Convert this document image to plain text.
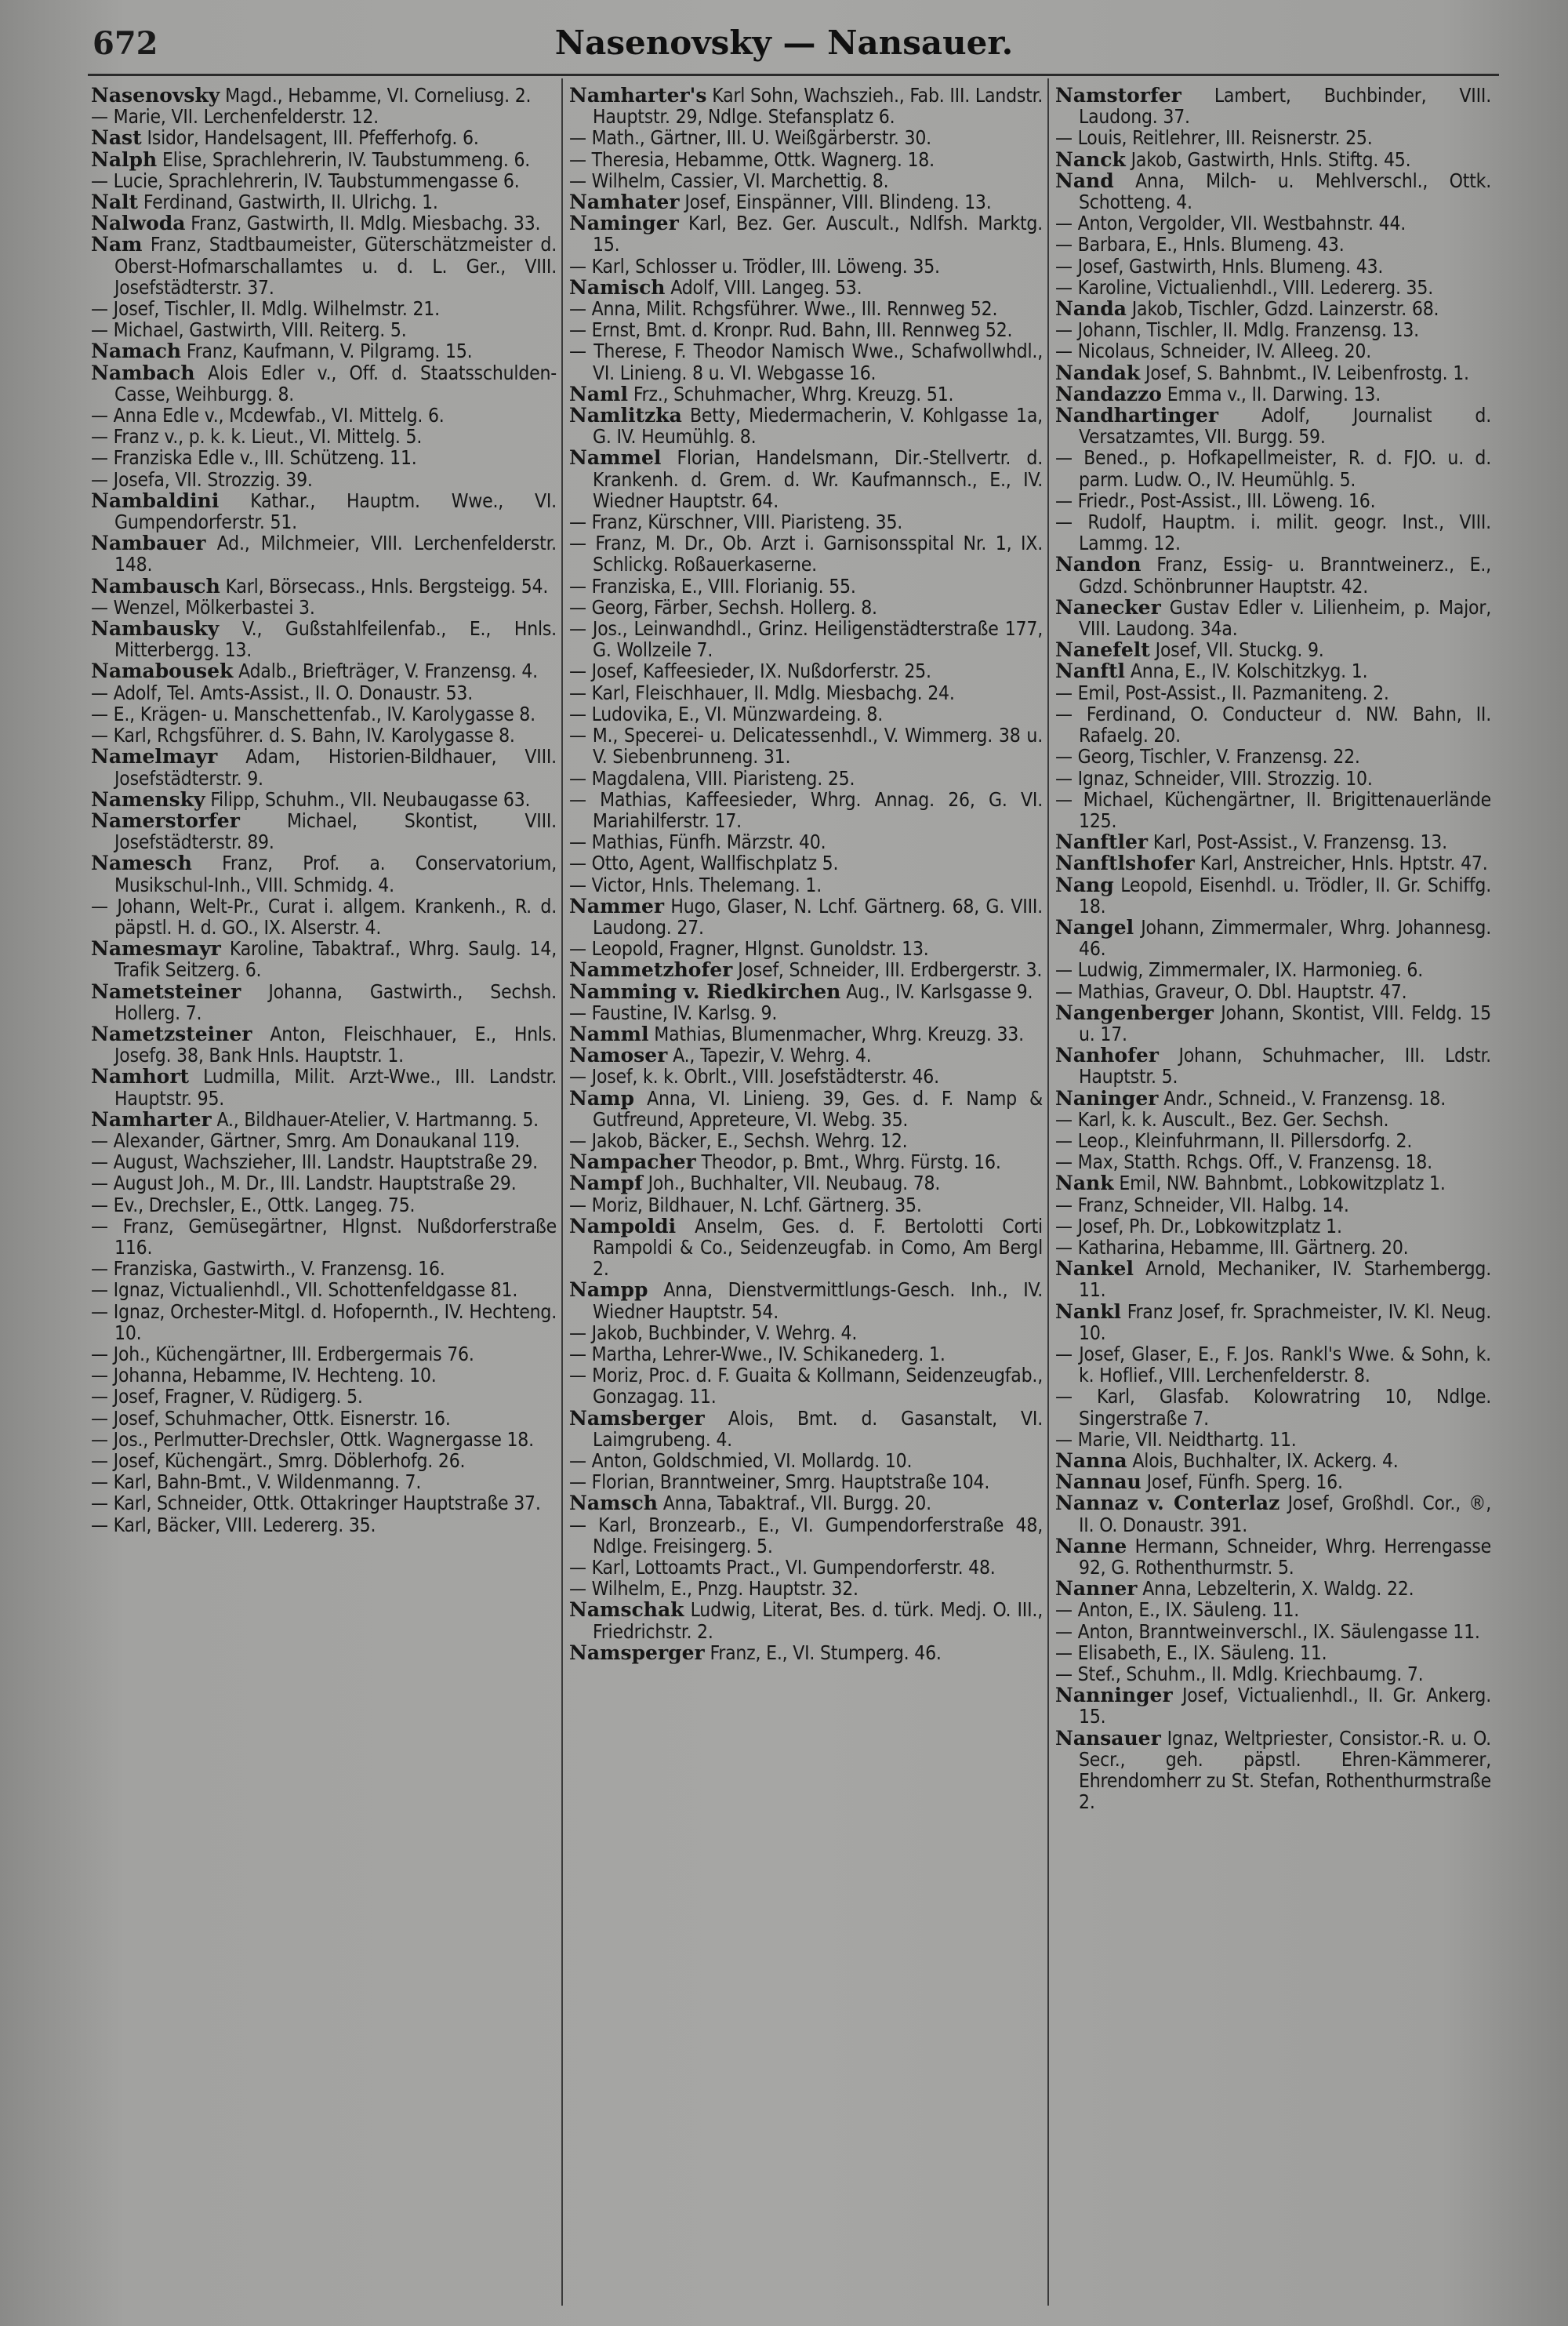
672	Nasenovsky — Nansauer.
Nasenovsky Magd., Hebamme, VI. Corneliusg. 2.
— Marie, VII. Lerchenfelderstr. 12.
Nast Isidor, Handelsagent, III. Pfefferhofg. 6.
Nalph Elise, Sprachlehrerin, IV. Taubstummeng. 6.
— Lucie, Sprachlehrerin, IV. Taubstummengasse 6.
Nalt Ferdinand, Gastwirth, II. Ulrichg. 1.
Nalwoda Franz, Gastwirth, II. Mdlg. Miesbachg. 33.
Nam Franz, Stadtbaumeister, Güterschätzmeister d. Oberst-Hofmarschallamtes u. d. L. Ger., VIII. Josefstädterstr. 37.
— Josef, Tischler, II. Mdlg. Wilhelmstr. 21.
— Michael, Gastwirth, VIII. Reiterg. 5.
Namach Franz, Kaufmann, V. Pilgramg. 15.
Nambach Alois Edler v., Off. d. Staatsschulden-Casse, Weihburgg. 8.
— Anna Edle v., Mcdewfab., VI. Mittelg. 6.
— Franz v., p. k. k. Lieut., VI. Mittelg. 5.
— Franziska Edle v., III. Schützeng. 11.
— Josefa, VII. Strozzig. 39.
Nambaldini Kathar., Hauptm. Wwe., VI. Gumpendorferstr. 51.
Nambauer Ad., Milchmeier, VIII. Lerchenfelderstr. 148.
Nambausch Karl, Börsecass., Hnls. Bergsteigg. 54.
— Wenzel, Mölkerbastei 3.
Nambausky V., Gußstahlfeilenfab., E., Hnls. Mitterbergg. 13.
Namabousek Adalb., Briefträger, V. Franzensg. 4.
— Adolf, Tel. Amts-Assist., II. O. Donaustr. 53.
— E., Krägen- u. Manschettenfab., IV. Karolygasse 8.
— Karl, Rchgsführer. d. S. Bahn, IV. Karolygasse 8.
Namelmayr Adam, Historien-Bildhauer, VIII. Josefstädterstr. 9.
Namensky Filipp, Schuhm., VII. Neubaugasse 63.
Namerstorfer Michael, Skontist, VIII. Josefstädterstr. 89.
Namesch Franz, Prof. a. Conservatorium, Musikschul-Inh., VIII. Schmidg. 4.
— Johann, Welt-Pr., Curat i. allgem. Krankenh., R. d. päpstl. H. d. GO., IX. Alserstr. 4.
Namesmayr Karoline, Tabaktraf., Whrg. Saulg. 14, Trafik Seitzerg. 6.
Nametsteiner Johanna, Gastwirth., Sechsh. Hollerg. 7.
Nametzsteiner Anton, Fleischhauer, E., Hnls. Josefg. 38, Bank Hnls. Hauptstr. 1.
Namhort Ludmilla, Milit. Arzt-Wwe., III. Landstr. Hauptstr. 95.
Namharter A., Bildhauer-Atelier, V. Hartmanng. 5.
— Alexander, Gärtner, Smrg. Am Donaukanal 119.
— August, Wachszieher, III. Landstr. Hauptstraße 29.
— August Joh., M. Dr., III. Landstr. Hauptstraße 29.
— Ev., Drechsler, E., Ottk. Langeg. 75.
— Franz, Gemüsegärtner, Hlgnst. Nußdorferstraße 116.
— Franziska, Gastwirth., V. Franzensg. 16.
— Ignaz, Victualienhdl., VII. Schottenfeldgasse 81.
— Ignaz, Orchester-Mitgl. d. Hofopernth., IV. Hechteng. 10.
— Joh., Küchengärtner, III. Erdbergermais 76.
— Johanna, Hebamme, IV. Hechteng. 10.
— Josef, Fragner, V. Rüdigerg. 5.
— Josef, Schuhmacher, Ottk. Eisnerstr. 16.
— Jos., Perlmutter-Drechsler, Ottk. Wagnergasse 18.
— Josef, Küchengärt., Smrg. Döblerhofg. 26.
— Karl, Bahn-Bmt., V. Wildenmanng. 7.
— Karl, Schneider, Ottk. Ottakringer Hauptstraße 37.
— Karl, Bäcker, VIII. Ledererg. 35.
Namharter's Karl Sohn, Wachszieh., Fab. III. Landstr. Hauptstr. 29, Ndlge. Stefansplatz 6.
— Math., Gärtner, III. U. Weißgärberstr. 30.
— Theresia, Hebamme, Ottk. Wagnerg. 18.
— Wilhelm, Cassier, VI. Marchettig. 8.
Namhater Josef, Einspänner, VIII. Blindeng. 13.
Naminger Karl, Bez. Ger. Auscult., Ndlfsh. Marktg. 15.
— Karl, Schlosser u. Trödler, III. Löweng. 35.
Namisch Adolf, VIII. Langeg. 53.
— Anna, Milit. Rchgsführer. Wwe., III. Rennweg 52.
— Ernst, Bmt. d. Kronpr. Rud. Bahn, III. Rennweg 52.
— Therese, F. Theodor Namisch Wwe., Schafwollwhdl., VI. Linieng. 8 u. VI. Webgasse 16.
Naml Frz., Schuhmacher, Whrg. Kreuzg. 51.
Namlitzka Betty, Miedermacherin, V. Kohlgasse 1a, G. IV. Heumühlg. 8.
Nammel Florian, Handelsmann, Dir.-Stellvertr. d. Krankenh. d. Grem. d. Wr. Kaufmannsch., E., IV. Wiedner Hauptstr. 64.
— Franz, Kürschner, VIII. Piaristeng. 35.
— Franz, M. Dr., Ob. Arzt i. Garnisonsspital Nr. 1, IX. Schlickg. Roßauerkaserne.
— Franziska, E., VIII. Florianig. 55.
— Georg, Färber, Sechsh. Hollerg. 8.
— Jos., Leinwandhdl., Grinz. Heiligenstädterstraße 177, G. Wollzeile 7.
— Josef, Kaffeesieder, IX. Nußdorferstr. 25.
— Karl, Fleischhauer, II. Mdlg. Miesbachg. 24.
— Ludovika, E., VI. Münzwardeing. 8.
— M., Specerei- u. Delicatessenhdl., V. Wimmerg. 38 u. V. Siebenbrunneng. 31.
— Magdalena, VIII. Piaristeng. 25.
— Mathias, Kaffeesieder, Whrg. Annag. 26, G. VI. Mariahilferstr. 17.
— Mathias, Fünfh. Märzstr. 40.
— Otto, Agent, Wallfischplatz 5.
— Victor, Hnls. Thelemang. 1.
Nammer Hugo, Glaser, N. Lchf. Gärtnerg. 68, G. VIII. Laudong. 27.
— Leopold, Fragner, Hlgnst. Gunoldstr. 13.
Nammetzhofer Josef, Schneider, III. Erdbergerstr. 3.
Namming v. Riedkirchen Aug., IV. Karlsgasse 9.
— Faustine, IV. Karlsg. 9.
Namml Mathias, Blumenmacher, Whrg. Kreuzg. 33.
Namoser A., Tapezir, V. Wehrg. 4.
— Josef, k. k. Obrlt., VIII. Josefstädterstr. 46.
Namp Anna, VI. Linieng. 39, Ges. d. F. Namp & Gutfreund, Appreteure, VI. Webg. 35.
— Jakob, Bäcker, E., Sechsh. Wehrg. 12.
Nampacher Theodor, p. Bmt., Whrg. Fürstg. 16.
Nampf Joh., Buchhalter, VII. Neubaug. 78.
— Moriz, Bildhauer, N. Lchf. Gärtnerg. 35.
Nampoldi Anselm, Ges. d. F. Bertolotti Corti Rampoldi & Co., Seidenzeugfab. in Como, Am Bergl 2.
Nampp Anna, Dienstvermittlungs-Gesch. Inh., IV. Wiedner Hauptstr. 54.
— Jakob, Buchbinder, V. Wehrg. 4.
— Martha, Lehrer-Wwe., IV. Schikanederg. 1.
— Moriz, Proc. d. F. Guaita & Kollmann, Seidenzeugfab., Gonzagag. 11.
Namsberger Alois, Bmt. d. Gasanstalt, VI. Laimgrubeng. 4.
— Anton, Goldschmied, VI. Mollardg. 10.
— Florian, Branntweiner, Smrg. Hauptstraße 104.
Namsch Anna, Tabaktraf., VII. Burgg. 20.
— Karl, Bronzearb., E., VI. Gumpendorferstraße 48, Ndlge. Freisingerg. 5.
— Karl, Lottoamts Pract., VI. Gumpendorferstr. 48.
— Wilhelm, E., Pnzg. Hauptstr. 32.
Namschak Ludwig, Literat, Bes. d. türk. Medj. O. III., Friedrichstr. 2.
Namsperger Franz, E., VI. Stumperg. 46.
Namstorfer Lambert, Buchbinder, VIII. Laudong. 37.
— Louis, Reitlehrer, III. Reisnerstr. 25.
Nanck Jakob, Gastwirth, Hnls. Stiftg. 45.
Nand Anna, Milch- u. Mehlverschl., Ottk. Schotteng. 4.
— Anton, Vergolder, VII. Westbahnstr. 44.
— Barbara, E., Hnls. Blumeng. 43.
— Josef, Gastwirth, Hnls. Blumeng. 43.
— Karoline, Victualienhdl., VIII. Ledererg. 35.
Nanda Jakob, Tischler, Gdzd. Lainzerstr. 68.
— Johann, Tischler, II. Mdlg. Franzensg. 13.
— Nicolaus, Schneider, IV. Alleeg. 20.
Nandak Josef, S. Bahnbmt., IV. Leibenfrostg. 1.
Nandazzo Emma v., II. Darwing. 13.
Nandhartinger Adolf, Journalist d. Versatzamtes, VII. Burgg. 59.
— Bened., p. Hofkapellmeister, R. d. FJO. u. d. parm. Ludw. O., IV. Heumühlg. 5.
— Friedr., Post-Assist., III. Löweng. 16.
— Rudolf, Hauptm. i. milit. geogr. Inst., VIII. Lammg. 12.
Nandon Franz, Essig- u. Branntweinerz., E., Gdzd. Schönbrunner Hauptstr. 42.
Nanecker Gustav Edler v. Lilienheim, p. Major, VIII. Laudong. 34a.
Nanefelt Josef, VII. Stuckg. 9.
Nanftl Anna, E., IV. Kolschitzkyg. 1.
— Emil, Post-Assist., II. Pazmaniteng. 2.
— Ferdinand, O. Conducteur d. NW. Bahn, II. Rafaelg. 20.
— Georg, Tischler, V. Franzensg. 22.
— Ignaz, Schneider, VIII. Strozzig. 10.
— Michael, Küchengärtner, II. Brigittenauerlände 125.
Nanftler Karl, Post-Assist., V. Franzensg. 13.
Nanftlshofer Karl, Anstreicher, Hnls. Hptstr. 47.
Nang Leopold, Eisenhdl. u. Trödler, II. Gr. Schiffg. 18.
Nangel Johann, Zimmermaler, Whrg. Johannesg. 46.
— Ludwig, Zimmermaler, IX. Harmonieg. 6.
— Mathias, Graveur, O. Dbl. Hauptstr. 47.
Nangenberger Johann, Skontist, VIII. Feldg. 15 u. 17.
Nanhofer Johann, Schuhmacher, III. Ldstr. Hauptstr. 5.
Naninger Andr., Schneid., V. Franzensg. 18.
— Karl, k. k. Auscult., Bez. Ger. Sechsh.
— Leop., Kleinfuhrmann, II. Pillersdorfg. 2.
— Max, Statth. Rchgs. Off., V. Franzensg. 18.
Nank Emil, NW. Bahnbmt., Lobkowitzplatz 1.
— Franz, Schneider, VII. Halbg. 14.
— Josef, Ph. Dr., Lobkowitzplatz 1.
— Katharina, Hebamme, III. Gärtnerg. 20.
Nankel Arnold, Mechaniker, IV. Starhembergg. 11.
Nankl Franz Josef, fr. Sprachmeister, IV. Kl. Neug. 10.
— Josef, Glaser, E., F. Jos. Rankl's Wwe. & Sohn, k. k. Hoflief., VIII. Lerchenfelderstr. 8.
— Karl, Glasfab. Kolowratring 10, Ndlge. Singerstraße 7.
— Marie, VII. Neidthartg. 11.
Nanna Alois, Buchhalter, IX. Ackerg. 4.
Nannau Josef, Fünfh. Sperg. 16.
Nannaz v. Conterlaz Josef, Großhdl. Cor., ®, II. O. Donaustr. 391.
Nanne Hermann, Schneider, Whrg. Herrengasse 92, G. Rothenthurmstr. 5.
Nanner Anna, Lebzelterin, X. Waldg. 22.
— Anton, E., IX. Säuleng. 11.
— Anton, Branntweinverschl., IX. Säulengasse 11.
— Elisabeth, E., IX. Säuleng. 11.
— Stef., Schuhm., II. Mdlg. Kriechbaumg. 7.
Nanninger Josef, Victualienhdl., II. Gr. Ankerg. 15.
Nansauer Ignaz, Weltpriester, Consistor.-R. u. O. Secr., geh. päpstl. Ehren-Kämmerer, Ehrendomherr zu St. Stefan, Rothenthurmstraße 2.
